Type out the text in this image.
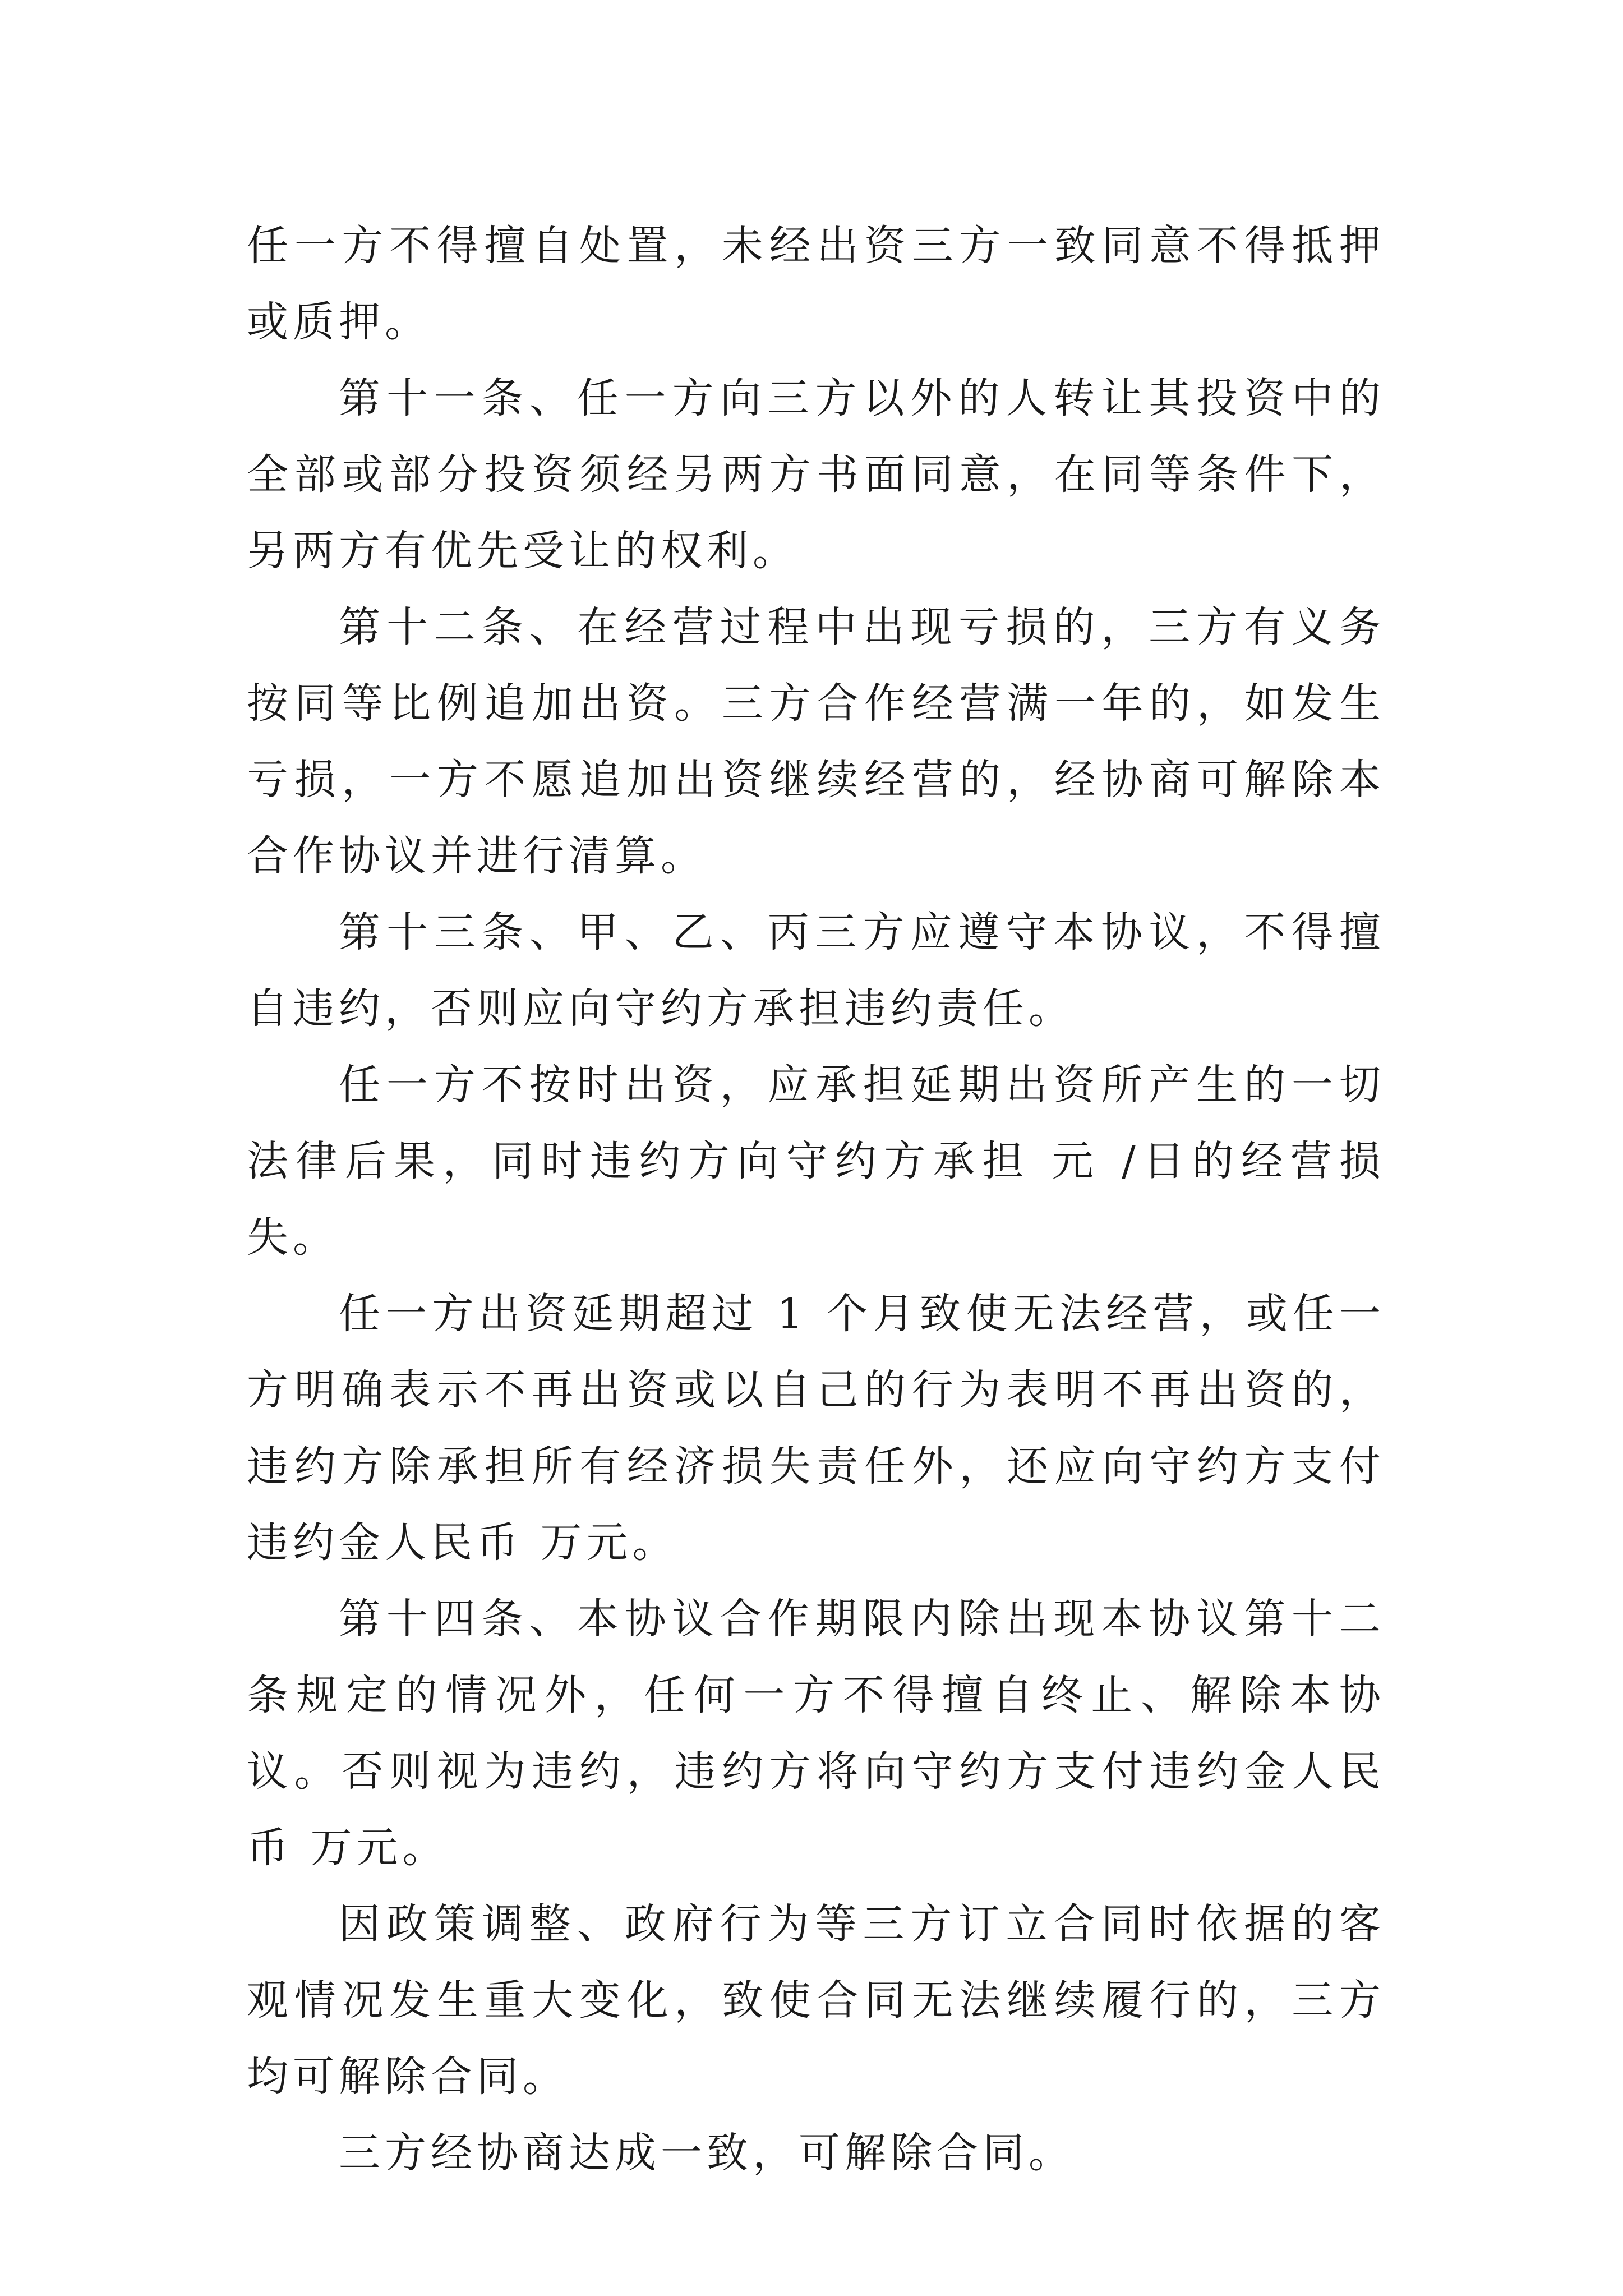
任一方不得擅自处置，未经出资三方一致同意不得抵押或质押。

第十一条、任一方向三方以外的人转让其投资中的全部或部分投资须经另两方书面同意，在同等条件下，另两方有优先受让的权利。

第十二条、在经营过程中出现亏损的，三方有义务按同等比例追加出资。三方合作经营满一年的，如发生亏损，一方不愿追加出资继续经营的，经协商可解除本合作协议并进行清算。

第十三条、甲、乙、丙三方应遵守本协议，不得擅自违约，否则应向守约方承担违约责任。

任一方不按时出资，应承担延期出资所产生的一切法律后果，同时违约方向守约方承担 元 /日的经营损失。

任一方出资延期超过 1 个月致使无法经营，或任一方明确表示不再出资或以自己的行为表明不再出资的，违约方除承担所有经济损失责任外，还应向守约方支付违约金人民币 万元。

第十四条、本协议合作期限内除出现本协议第十二条规定的情况外，任何一方不得擅自终止、解除本协议。否则视为违约，违约方将向守约方支付违约金人民币 万元。

因政策调整、政府行为等三方订立合同时依据的客观情况发生重大变化，致使合同无法继续履行的，三方均可解除合同。

三方经协商达成一致，可解除合同。
